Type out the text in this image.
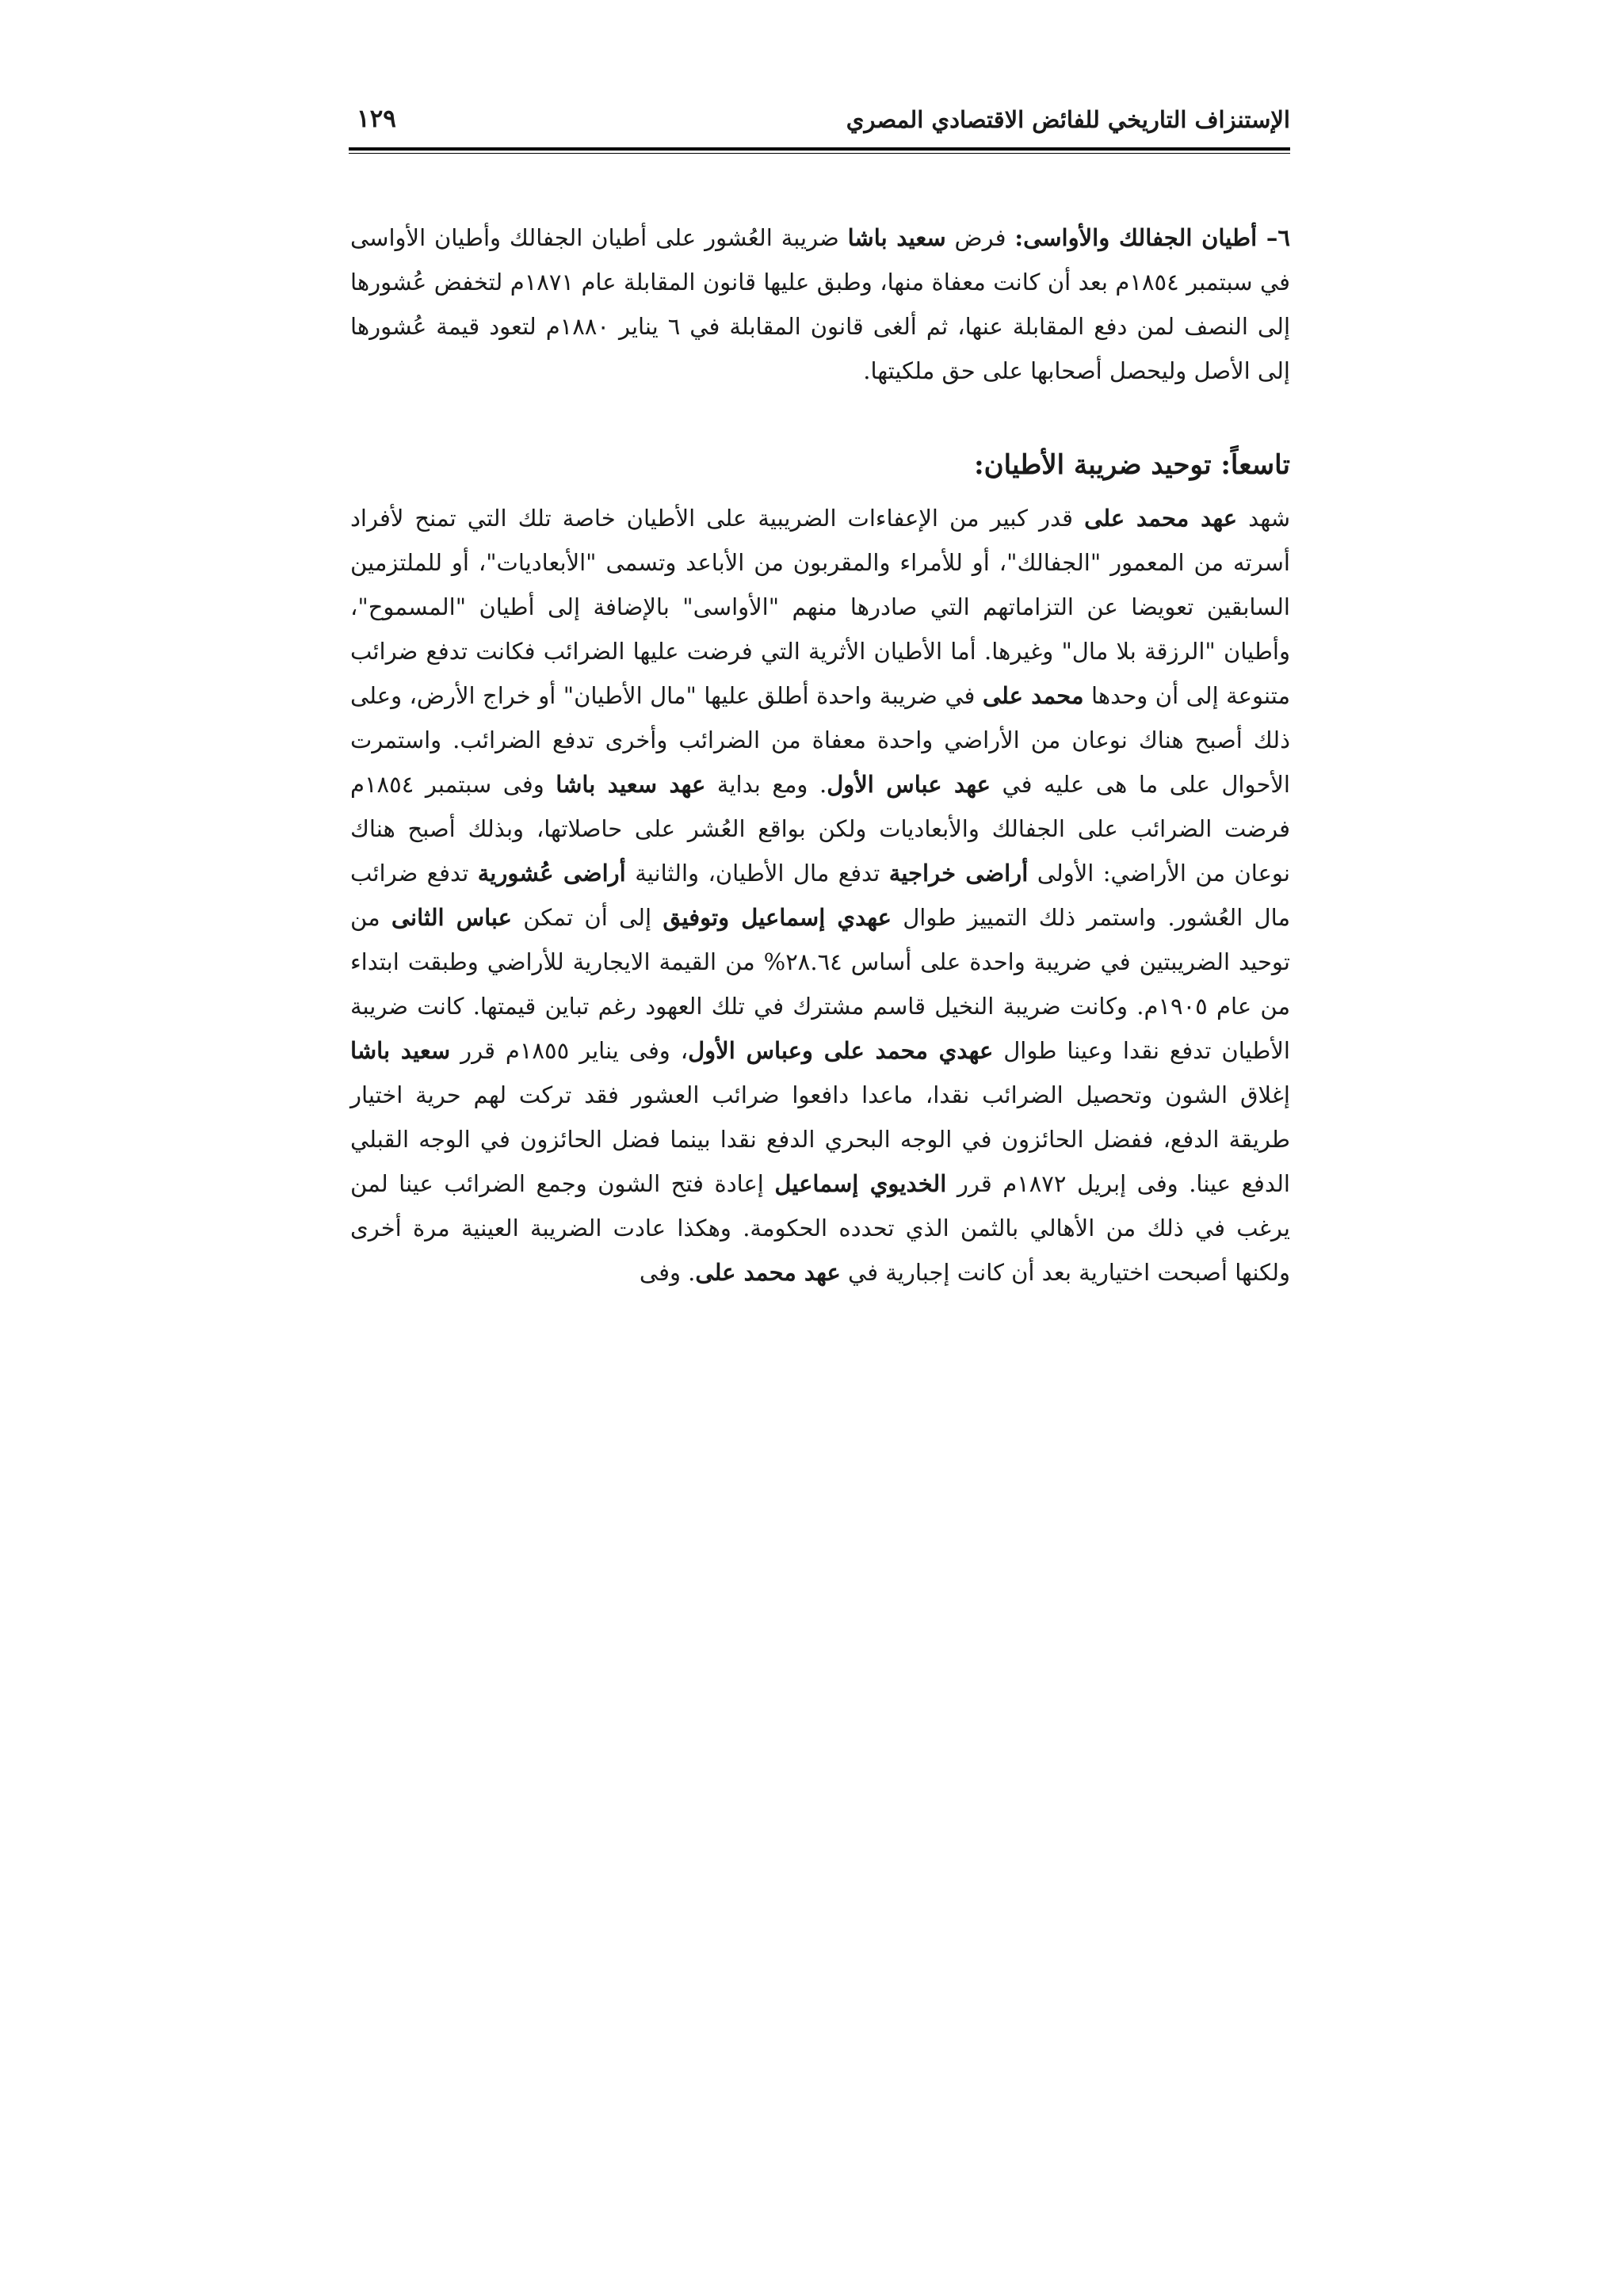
الإستنزاف التاريخي للفائض الاقتصادي المصري
١٢٩

٦– أطيان الجفالك والأواسى: فرض سعيد باشا ضريبة العُشور على أطيان الجفالك وأطيان الأواسى في سبتمبر ١٨٥٤م بعد أن كانت معفاة منها، وطبق عليها قانون المقابلة عام ١٨٧١م لتخفض عُشورها إلى النصف لمن دفع المقابلة عنها، ثم ألغى قانون المقابلة في ٦ يناير ١٨٨٠م لتعود قيمة عُشورها إلى الأصل وليحصل أصحابها على حق ملكيتها.

تاسعاً: توحيد ضريبة الأطيان:

شهد عهد محمد على قدر كبير من الإعفاءات الضريبية على الأطيان خاصة تلك التي تمنح لأفراد أسرته من المعمور "الجفالك"، أو للأمراء والمقربون من الأباعد وتسمى "الأبعاديات"، أو للملتزمين السابقين تعويضا عن التزاماتهم التي صادرها منهم "الأواسى" بالإضافة إلى أطيان "المسموح"، وأطيان "الرزقة بلا مال" وغيرها. أما الأطيان الأثرية التي فرضت عليها الضرائب فكانت تدفع ضرائب متنوعة إلى أن وحدها محمد على في ضريبة واحدة أطلق عليها "مال الأطيان" أو خراج الأرض، وعلى ذلك أصبح هناك نوعان من الأراضي واحدة معفاة من الضرائب وأخرى تدفع الضرائب. واستمرت الأحوال على ما هى عليه في عهد عباس الأول. ومع بداية عهد سعيد باشا وفى سبتمبر ١٨٥٤م فرضت الضرائب على الجفالك والأبعاديات ولكن بواقع العُشر على حاصلاتها، وبذلك أصبح هناك نوعان من الأراضي: الأولى أراضى خراجية تدفع مال الأطيان، والثانية أراضى عُشورية تدفع ضرائب مال العُشور. واستمر ذلك التمييز طوال عهدي إسماعيل وتوفيق إلى أن تمكن عباس الثانى من توحيد الضريبتين في ضريبة واحدة على أساس ٢٨.٦٤% من القيمة الايجارية للأراضي وطبقت ابتداء من عام ١٩٠٥م. وكانت ضريبة النخيل قاسم مشترك في تلك العهود رغم تباين قيمتها. كانت ضريبة الأطيان تدفع نقدا وعينا طوال عهدي محمد على وعباس الأول، وفى يناير ١٨٥٥م قرر سعيد باشا إغلاق الشون وتحصيل الضرائب نقدا، ماعدا دافعوا ضرائب العشور فقد تركت لهم حرية اختيار طريقة الدفع، ففضل الحائزون في الوجه البحري الدفع نقدا بينما فضل الحائزون في الوجه القبلي الدفع عينا. وفى إبريل ١٨٧٢م قرر الخديوي إسماعيل إعادة فتح الشون وجمع الضرائب عينا لمن يرغب في ذلك من الأهالي بالثمن الذي تحدده الحكومة. وهكذا عادت الضريبة العينية مرة أخرى ولكنها أصبحت اختيارية بعد أن كانت إجبارية في عهد محمد على. وفى
